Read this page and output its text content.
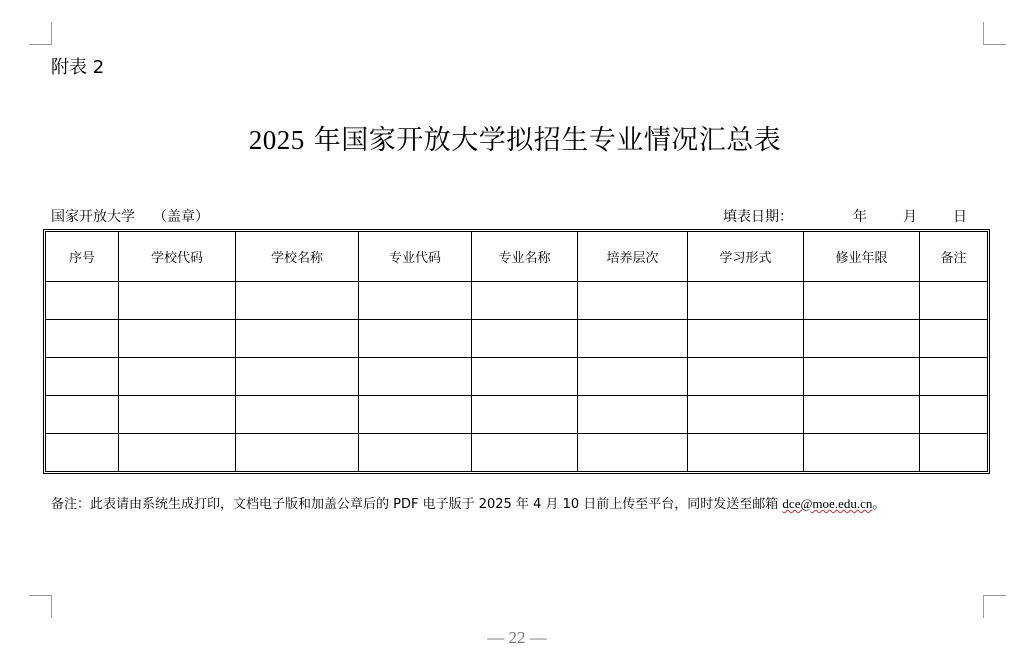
附表 2
2025 年国家开放大学拟招生专业情况汇总表
国家开放大学 （盖章）	填表日期：	年	月	日
序号	学校代码	学校名称	专业代码	专业名称	培养层次	学习形式	修业年限	备注

备注：此表请由系统生成打印，文档电子版和加盖公章后的 PDF 电子版于 2025 年 4 月 10 日前上传至平台，同时发送至邮箱 dce@moe.edu.cn。
— 22 —
